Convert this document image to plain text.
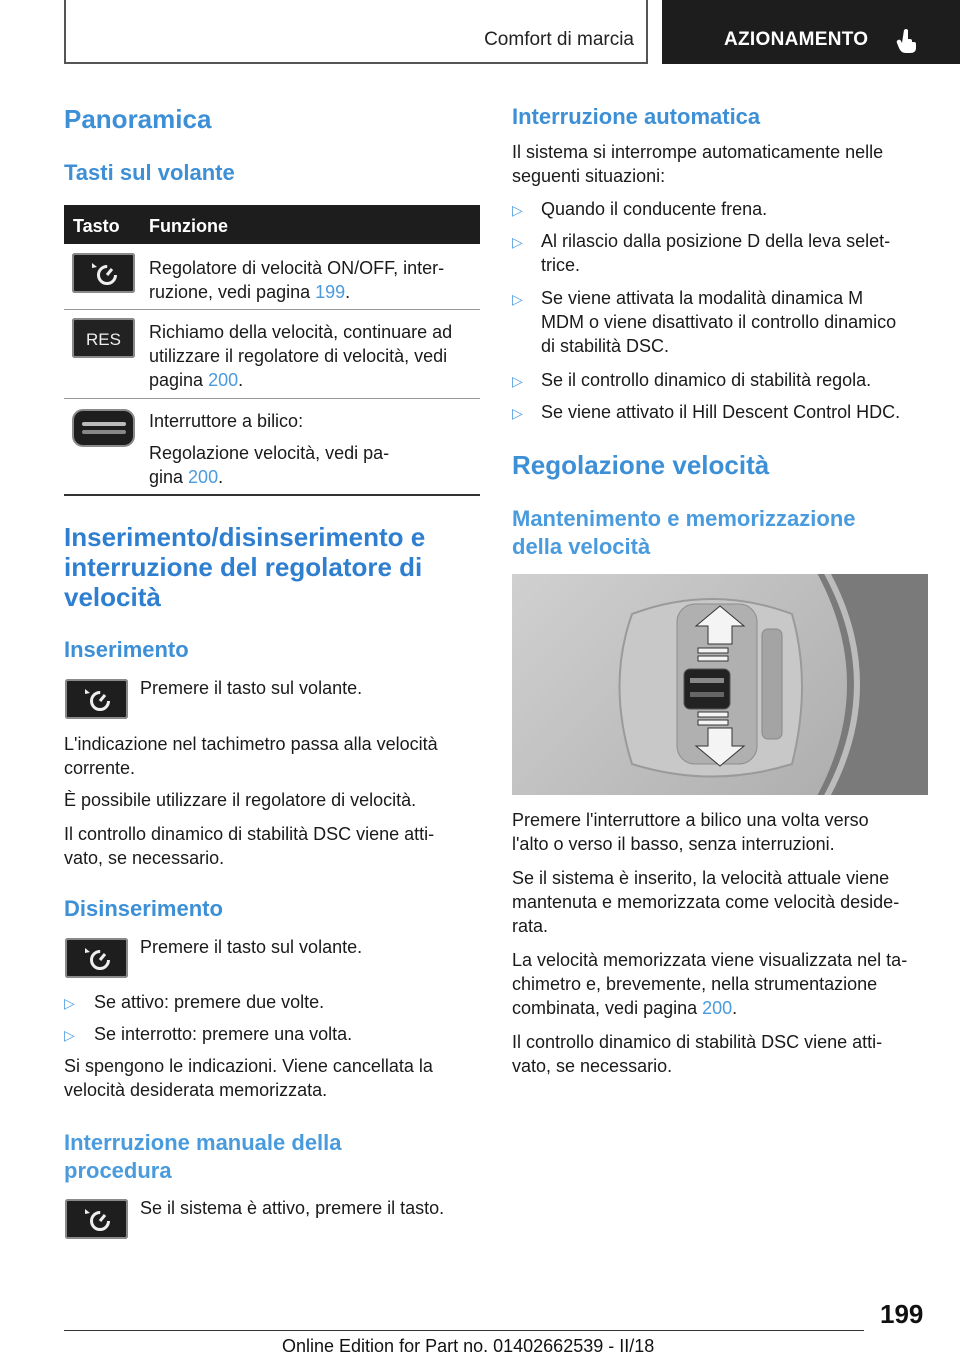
Comfort di marcia	AZIONAMENTO
Panoramica
Tasti sul volante
Tasto Funzione
Regolatore di velocità ON/OFF, inter-
ruzione, vedi pagina 199.
RES Richiamo della velocità, continuare ad
utilizzare il regolatore di velocità, vedi
pagina 200.
Interruttore a bilico:
Regolazione velocità, vedi pa-
gina 200.
Inserimento/disinserimento e
interruzione del regolatore di
velocità
Inserimento
Premere il tasto sul volante.
L'indicazione nel tachimetro passa alla velocità
corrente.
È possibile utilizzare il regolatore di velocità.
Il controllo dinamico di stabilità DSC viene atti-
vato, se necessario.
Disinserimento
Premere il tasto sul volante.
▷	Se attivo: premere due volte.
▷	Se interrotto: premere una volta.
Si spengono le indicazioni. Viene cancellata la
velocità desiderata memorizzata.
Interruzione manuale della
procedura
Se il sistema è attivo, premere il tasto.
Interruzione automatica
Il sistema si interrompe automaticamente nelle
seguenti situazioni:
▷	Quando il conducente frena.
▷ Al rilascio dalla posizione D della leva selet-
trice.
▷ Se viene attivata la modalità dinamica M
MDM o viene disattivato il controllo dinamico
di stabilità DSC.
▷	Se il controllo dinamico di stabilità regola.
▷	Se viene attivato il Hill Descent Control HDC.
Regolazione velocità
Mantenimento e memorizzazione
della velocità
Premere l'interruttore a bilico una volta verso
l'alto o verso il basso, senza interruzioni.
Se il sistema è inserito, la velocità attuale viene
mantenuta e memorizzata come velocità deside-
rata.
La velocità memorizzata viene visualizzata nel ta-
chimetro e, brevemente, nella strumentazione
combinata, vedi pagina 200.
Il controllo dinamico di stabilità DSC viene atti-
vato, se necessario.
199
Online Edition for Part no. 01402662539 - II/18
